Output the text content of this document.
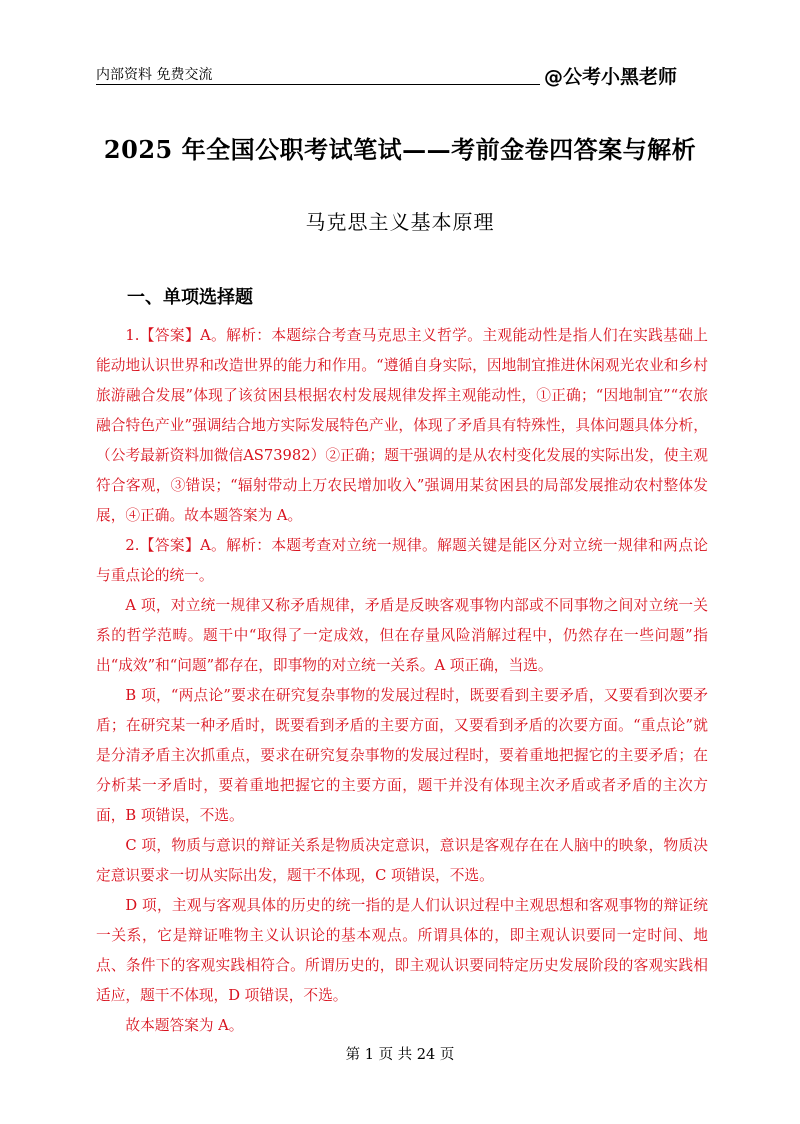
内部资料 免费交流	@公考小黑老师
2025 年全国公职考试笔试——考前金卷四答案与解析
马克思主义基本原理
一、单项选择题

1.【答案】A。解析：本题综合考查马克思主义哲学。主观能动性是指人们在实践基础上能动地认识世界和改造世界的能力和作用。“遵循自身实际，因地制宜推进休闲观光农业和乡村旅游融合发展”体现了该贫困县根据农村发展规律发挥主观能动性，①正确；“因地制宜”“农旅融合特色产业”强调结合地方实际发展特色产业，体现了矛盾具有特殊性，具体问题具体分析，（公考最新资料加微信AS73982）②正确；题干强调的是从农村变化发展的实际出发，使主观符合客观，③错误；“辐射带动上万农民增加收入”强调用某贫困县的局部发展推动农村整体发展，④正确。故本题答案为 A。

2.【答案】A。解析：本题考查对立统一规律。解题关键是能区分对立统一规律和两点论与重点论的统一。

A 项，对立统一规律又称矛盾规律，矛盾是反映客观事物内部或不同事物之间对立统一关系的哲学范畴。题干中“取得了一定成效，但在存量风险消解过程中，仍然存在一些问题”指出“成效”和“问题”都存在，即事物的对立统一关系。A 项正确，当选。

B 项，“两点论”要求在研究复杂事物的发展过程时，既要看到主要矛盾，又要看到次要矛盾；在研究某一种矛盾时，既要看到矛盾的主要方面，又要看到矛盾的次要方面。“重点论”就是分清矛盾主次抓重点，要求在研究复杂事物的发展过程时，要着重地把握它的主要矛盾；在分析某一矛盾时，要着重地把握它的主要方面，题干并没有体现主次矛盾或者矛盾的主次方面，B 项错误，不选。

C 项，物质与意识的辩证关系是物质决定意识，意识是客观存在在人脑中的映象，物质决定意识要求一切从实际出发，题干不体现，C 项错误，不选。

D 项，主观与客观具体的历史的统一指的是人们认识过程中主观思想和客观事物的辩证统一关系，它是辩证唯物主义认识论的基本观点。所谓具体的，即主观认识要同一定时间、地点、条件下的客观实践相符合。所谓历史的，即主观认识要同特定历史发展阶段的客观实践相适应，题干不体现，D 项错误，不选。

故本题答案为 A。

第 1 页 共 24 页
